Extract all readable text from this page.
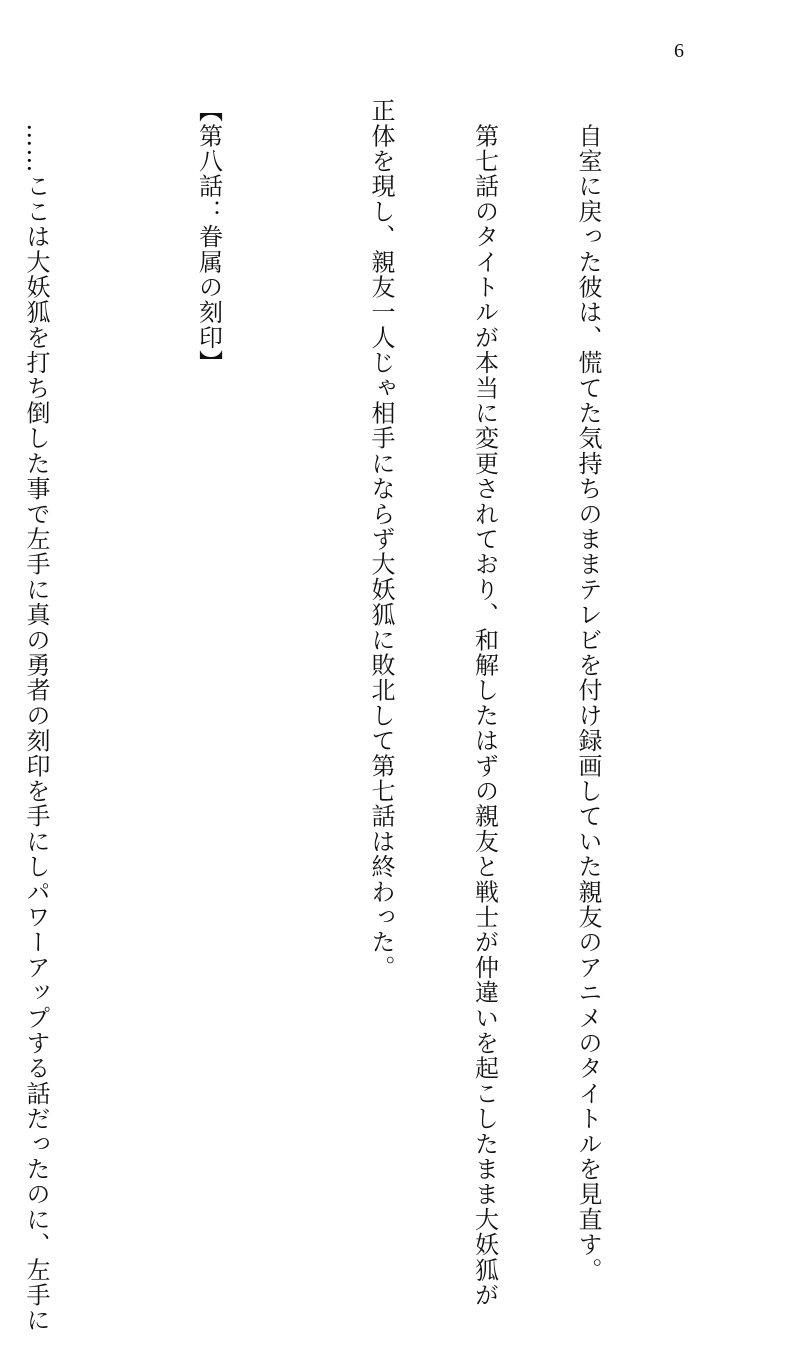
6

　自室に戻った彼は、慌てた気持ちのままテレビを付け録画していた親友のアニメのタイトルを見直す。

　第七話のタイトルが本当に変更されており、和解したはずの親友と戦士が仲違いを起こしたまま大妖狐が

正体を現し、親友一人じゃ相手にならず大妖狐に敗北して第七話は終わった。

【第八話：眷属の刻印】

　……ここは大妖狐を打ち倒した事で左手に真の勇者の刻印を手にしパワーアップする話だったのに、左手に
